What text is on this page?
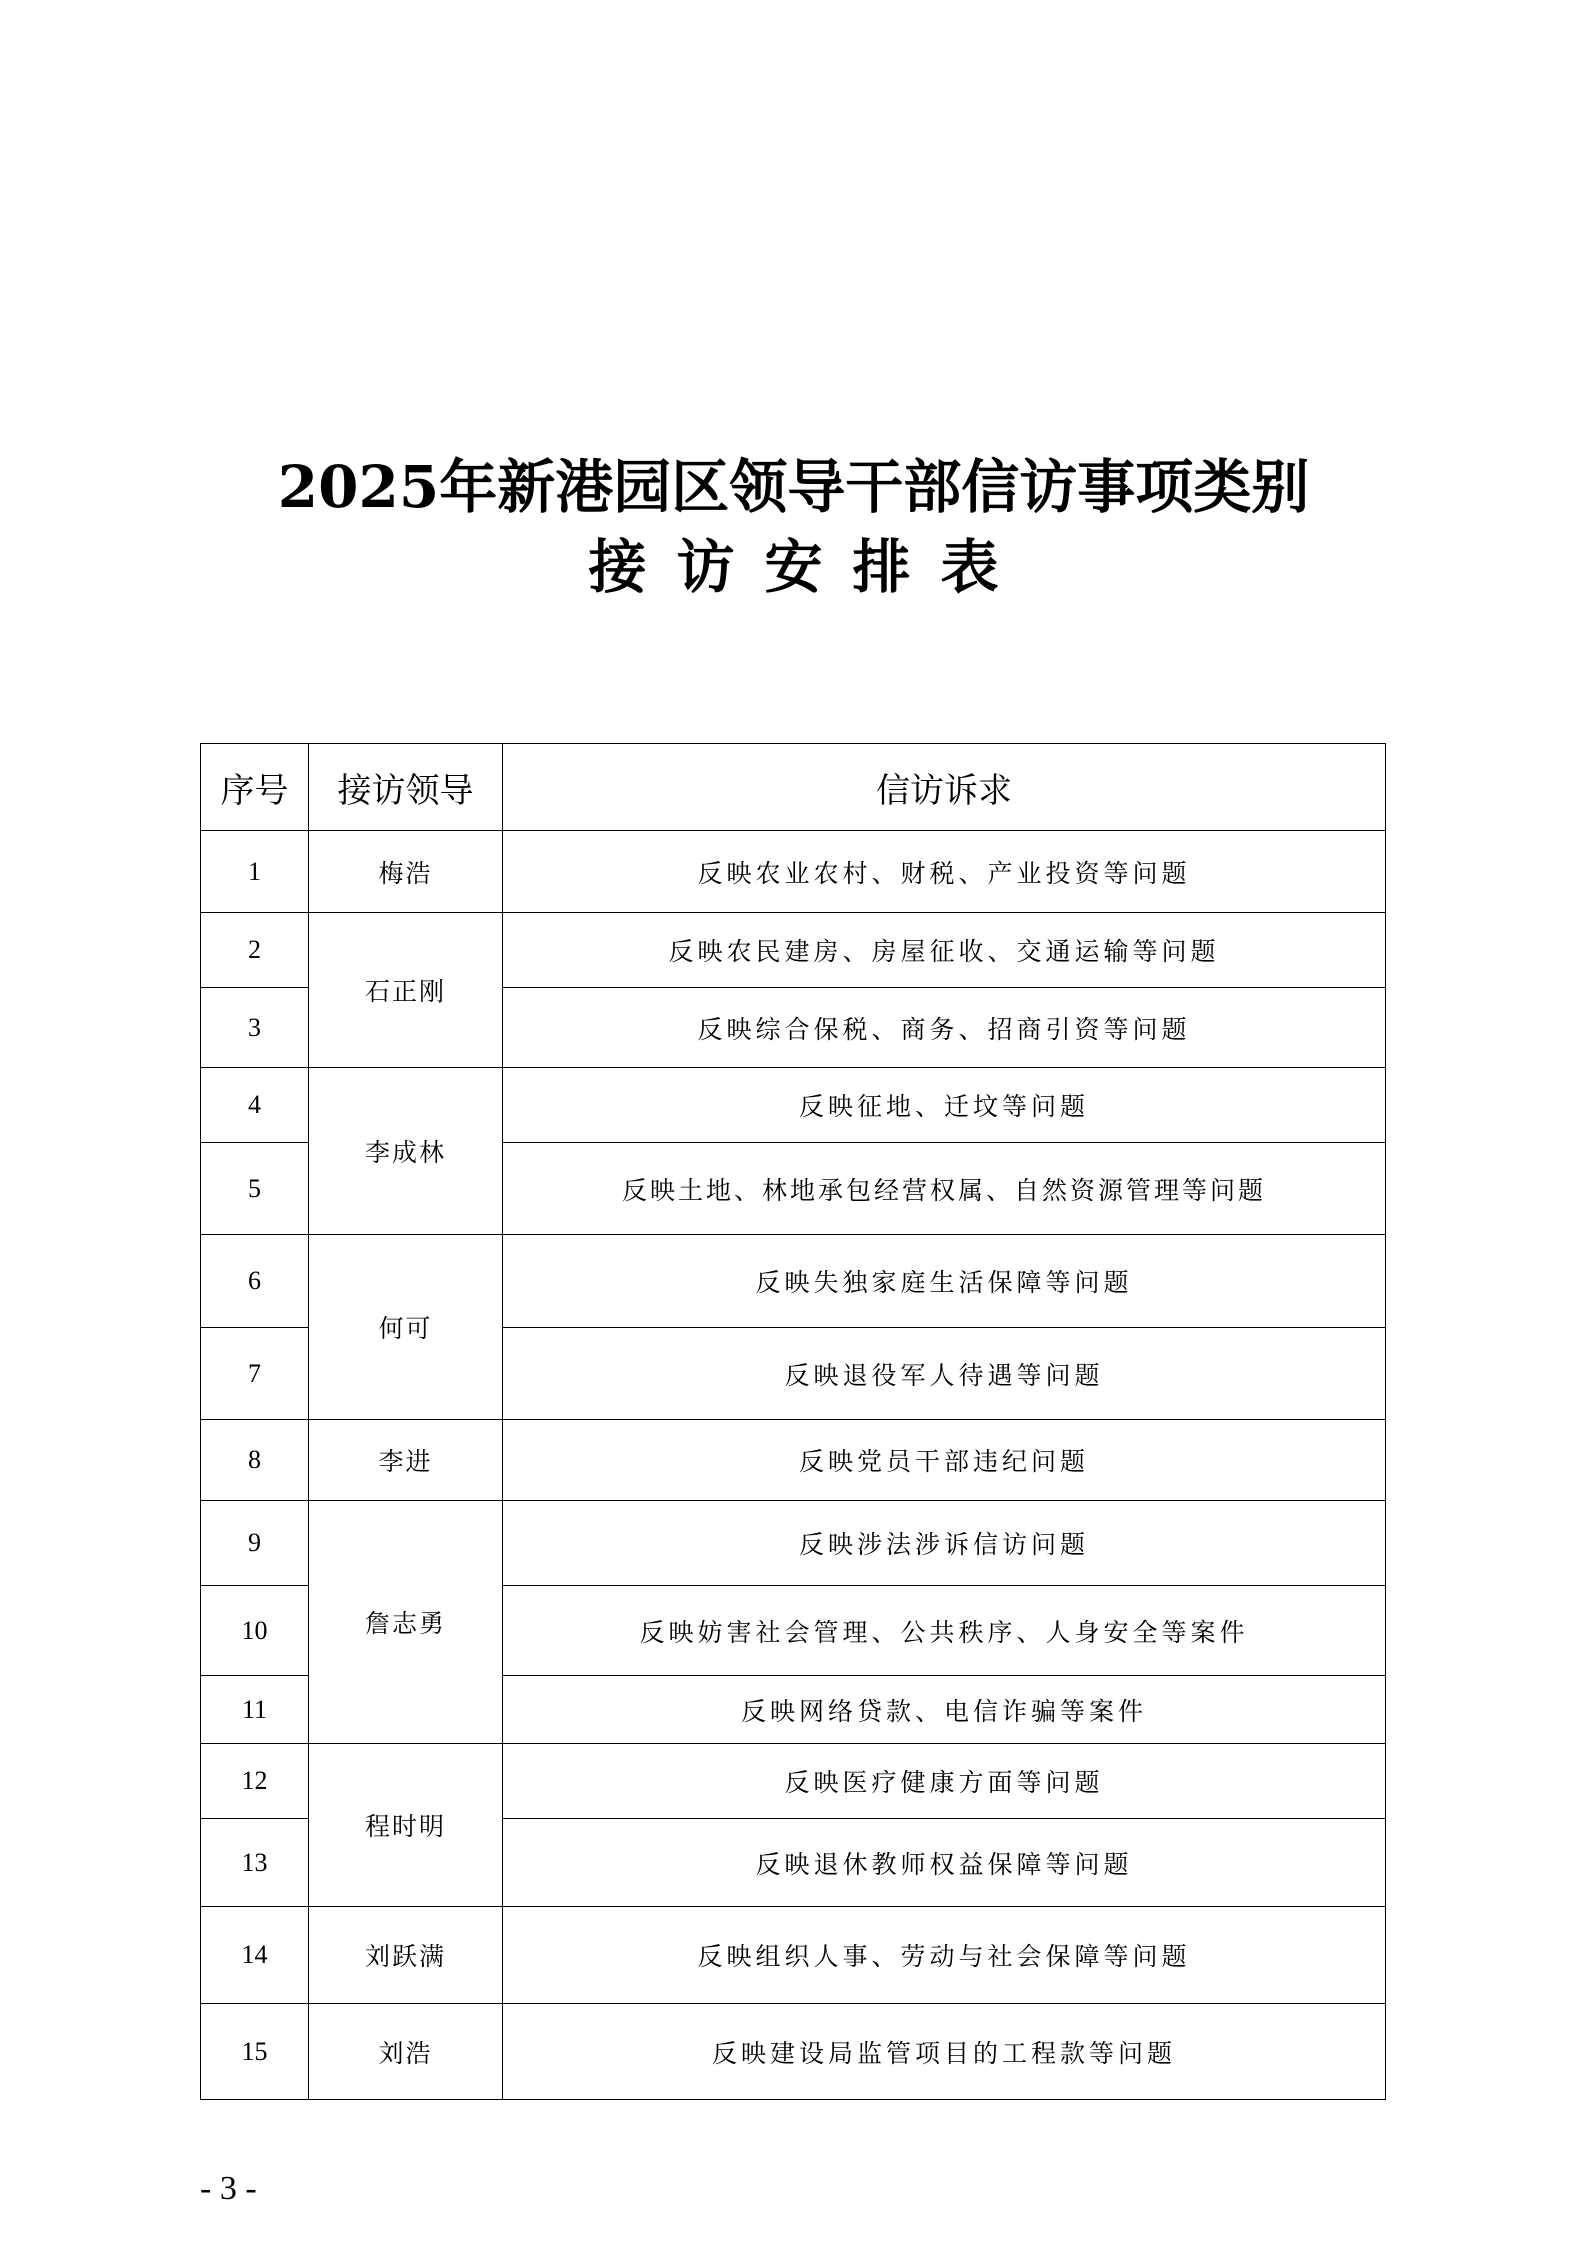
2025年新港园区领导干部信访事项类别
接访安排表
序号	接访领导	信访诉求
1	梅浩	反映农业农村、财税、产业投资等问题
2	石正刚	反映农民建房、房屋征收、交通运输等问题
3		反映综合保税、商务、招商引资等问题
4	李成林	反映征地、迁坟等问题
5		反映土地、林地承包经营权属、自然资源管理等问题
6	何可	反映失独家庭生活保障等问题
7		反映退役军人待遇等问题
8	李进	反映党员干部违纪问题
9	詹志勇	反映涉法涉诉信访问题
10		反映妨害社会管理、公共秩序、人身安全等案件
11		反映网络贷款、电信诈骗等案件
12	程时明	反映医疗健康方面等问题
13		反映退休教师权益保障等问题
14	刘跃满	反映组织人事、劳动与社会保障等问题
15	刘浩	反映建设局监管项目的工程款等问题
- 3 -
